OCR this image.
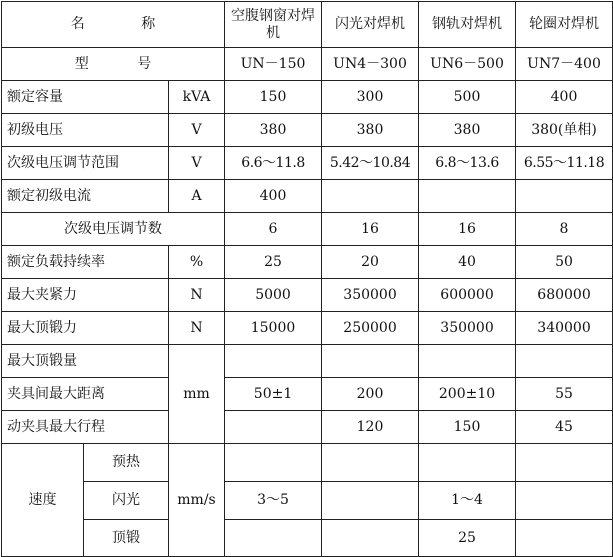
名 称			空腹钢窗对焊机	闪光对焊机	钢轨对焊机	轮圈对焊机
型 号			UN－150	UN4－300	UN6－500	UN7－400
额定容量		kVA	150	300	500	400
初级电压		V	380	380	380	380(单相)
次级电压调节范围		V	6.6～11.8	5.42～10.84	6.8～13.6	6.55～11.18
额定初级电流		A	400			
次级电压调节数			6	16	16	8
额定负载持续率		%	25	20	40	50
最大夹紧力		N	5000	350000	600000	680000
最大顶锻力		N	15000	250000	350000	340000
最大顶锻量		mm				
夹具间最大距离			50±1	200	200±10	55
动夹具最大行程				120	150	45
速度	预热	mm/s				
	闪光		3～5		1～4	
	顶锻				25	
